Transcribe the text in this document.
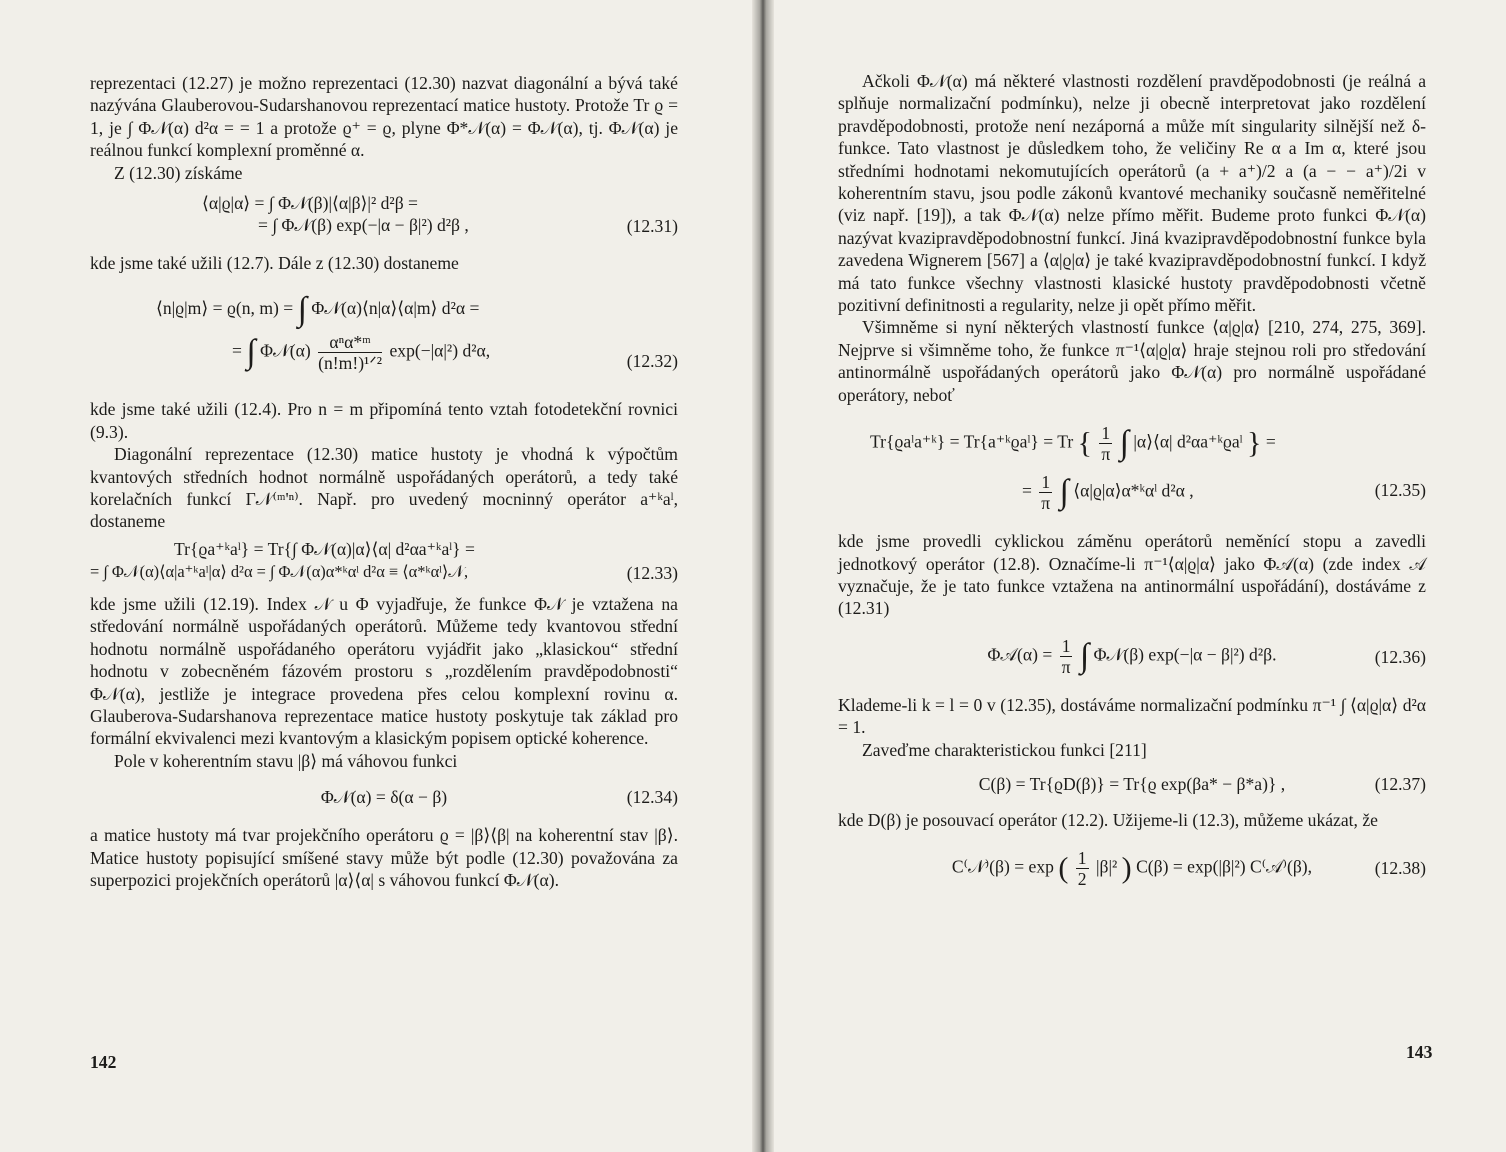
reprezentaci (12.27) je možno reprezentaci (12.30) nazvat diagonální a bývá také nazývána Glauberovou-Sudarshanovou reprezentací matice hustoty. Protože Tr ϱ = 1, je ∫ Φ𝒩(α) d²α = = 1 a protože ϱ⁺ = ϱ, plyne Φ*𝒩(α) = Φ𝒩(α), tj. Φ𝒩(α) je reálnou funkcí komplexní proměnné α.

Z (12.30) získáme

⟨α|ϱ|α⟩ = ∫ Φ𝒩(β)|⟨α|β⟩|² d²β =
= ∫ Φ𝒩(β) exp(−|α − β|²) d²β ,	(12.31)

kde jsme také užili (12.7). Dále z (12.30) dostaneme

⟨n|ϱ|m⟩ = ϱ(n, m) = ∫ Φ𝒩(α)⟨n|α⟩⟨α|m⟩ d²α =
= ∫ Φ𝒩(α) $\frac{\text{αⁿα*ᵐ}}{\text{(n!m!)¹ᐟ²}} \exp(-|\alpha|^2)$ d²α,	(12.32)

kde jsme také užili (12.4). Pro n = m připomíná tento vztah fotodetekční rovnici (9.3).

Diagonální reprezentace (12.30) matice hustoty je vhodná k výpočtům kvantových středních hodnot normálně uspořádaných operátorů, a tedy také korelačních funkcí Γ𝒩⁽ᵐ'ⁿ⁾. Např. pro uvedený mocninný operátor a⁺ᵏaˡ, dostaneme

Tr{ϱa⁺ᵏaˡ} = Tr{∫ Φ𝒩(α)|α⟩⟨α| d²αa⁺ᵏaˡ} =
= ∫ Φ𝒩(α)⟨α|a⁺ᵏaˡ|α⟩ d²α = ∫ Φ𝒩(α)α*ᵏαˡ d²α ≡ ⟨α*ᵏαˡ⟩𝒩,	(12.33)

kde jsme užili (12.19). Index 𝒩 u Φ vyjadřuje, že funkce Φ𝒩 je vztažena na středování normálně uspořádaných operátorů. Můžeme tedy kvantovou střední hodnotu normálně uspořádaného operátoru vyjádřit jako „klasickou“ střední hodnotu v zobecněném fázovém prostoru s „rozdělením pravděpodobnosti“ Φ𝒩(α), jestliže je integrace provedena přes celou komplexní rovinu α. Glauberova-Sudarshanova reprezentace matice hustoty poskytuje tak základ pro formální ekvivalenci mezi kvantovým a klasickým popisem optické koherence.

Pole v koherentním stavu |β⟩ má váhovou funkci

Φ𝒩(α) = δ(α − β)	(12.34)

a matice hustoty má tvar projekčního operátoru ϱ = |β⟩⟨β| na koherentní stav |β⟩. Matice hustoty popisující smíšené stavy může být podle (12.30) považována za superpozici projekčních operátorů |α⟩⟨α| s váhovou funkcí Φ𝒩(α).

142

Ačkoli Φ𝒩(α) má některé vlastnosti rozdělení pravděpodobnosti (je reálná a splňuje normalizační podmínku), nelze ji obecně interpretovat jako rozdělení pravděpodobnosti, protože není nezáporná a může mít singularity silnější než δ-funkce. Tato vlastnost je důsledkem toho, že veličiny Re α a Im α, které jsou středními hodnotami nekomutujících operátorů (a + a⁺)/2 a (a − − a⁺)/2i v koherentním stavu, jsou podle zákonů kvantové mechaniky současně neměřitelné (viz např. [19]), a tak Φ𝒩(α) nelze přímo měřit. Budeme proto funkci Φ𝒩(α) nazývat kvazipravděpodobnostní funkcí. Jiná kvazipravděpodobnostní funkce byla zavedena Wignerem [567] a ⟨α|ϱ|α⟩ je také kvazipravděpodobnostní funkcí. I když má tato funkce všechny vlastnosti klasické hustoty pravděpodobnosti včetně pozitivní definitnosti a regularity, nelze ji opět přímo měřit.

Všimněme si nyní některých vlastností funkce ⟨α|ϱ|α⟩ [210, 274, 275, 369]. Nejprve si všimněme toho, že funkce π⁻¹⟨α|ϱ|α⟩ hraje stejnou roli pro středování antinormálně uspořádaných operátorů jako Φ𝒩(α) pro normálně uspořádané operátory, neboť

Tr{ϱaˡa⁺ᵏ} = Tr{a⁺ᵏϱaˡ} = Tr { $\frac{1}{\pi}$ ∫ |α⟩⟨α| d²αa⁺ᵏϱaˡ } =
= $\frac{1}{\pi}$ ∫ ⟨α|ϱ|α⟩α*ᵏαˡ d²α ,	(12.35)

kde jsme provedli cyklickou záměnu operátorů neměnící stopu a zavedli jednotkový operátor (12.8). Označíme-li π⁻¹⟨α|ϱ|α⟩ jako Φ𝒜(α) (zde index 𝒜 vyznačuje, že je tato funkce vztažena na antinormální uspořádání), dostáváme z (12.31)

Φ𝒜(α) = $\frac{1}{\pi}$ ∫ Φ𝒩(β) exp(−|α − β|²) d²β.	(12.36)

Klademe-li k = l = 0 v (12.35), dostáváme normalizační podmínku π⁻¹ ∫ ⟨α|ϱ|α⟩ d²α = 1.

Zaveďme charakteristickou funkci [211]

C(β) = Tr{ϱD(β)} = Tr{ϱ exp(βa* − β*a)} ,	(12.37)

kde D(β) je posouvací operátor (12.2). Užijeme-li (12.3), můžeme ukázat, že

C⁽𝒩⁾(β) = exp ( $\frac{1}{2} |\beta|^2$ ) C(β) = exp(|β|²) C⁽𝒜⁾(β),	(12.38)
143
